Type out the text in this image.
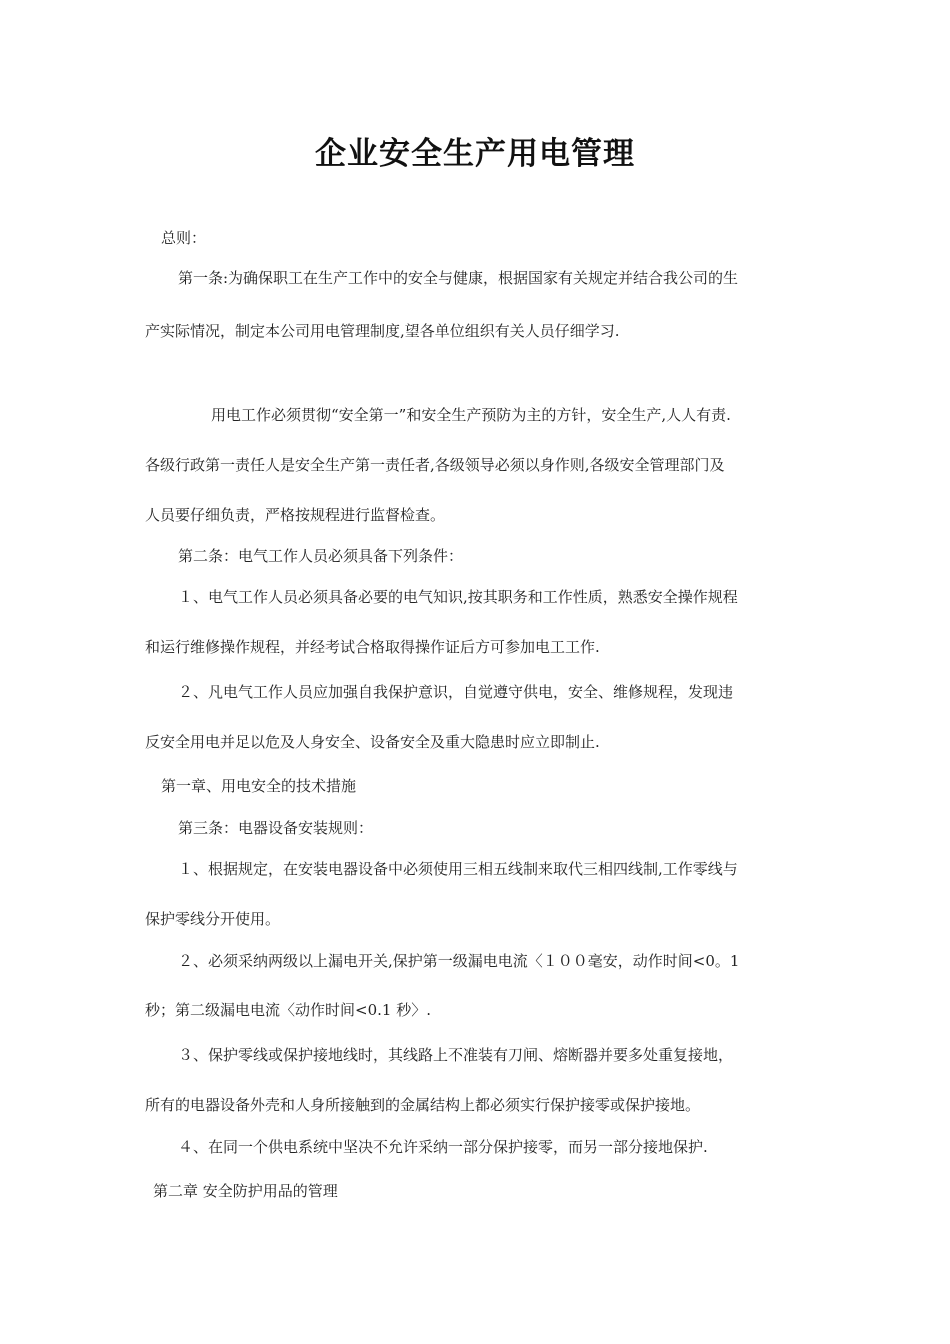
企业安全生产用电管理
总则：
第一条:为确保职工在生产工作中的安全与健康，根据国家有关规定并结合我公司的生
产实际情况，制定本公司用电管理制度,望各单位组织有关人员仔细学习.
用电工作必须贯彻“安全第一”和安全生产预防为主的方针，安全生产,人人有责.
各级行政第一责任人是安全生产第一责任者,各级领导必须以身作则,各级安全管理部门及
人员要仔细负责，严格按规程进行监督检查。
第二条：电气工作人员必须具备下列条件：
１、电气工作人员必须具备必要的电气知识,按其职务和工作性质，熟悉安全操作规程
和运行维修操作规程，并经考试合格取得操作证后方可参加电工工作.
２、凡电气工作人员应加强自我保护意识，自觉遵守供电，安全、维修规程，发现违
反安全用电并足以危及人身安全、设备安全及重大隐患时应立即制止.
第一章、用电安全的技术措施
第三条：电器设备安装规则：
１、根据规定，在安装电器设备中必须使用三相五线制来取代三相四线制,工作零线与
保护零线分开使用。
２、必须采纳两级以上漏电开关,保护第一级漏电电流〈１００毫安，动作时间<0。1
秒；第二级漏电电流〈动作时间<0.1 秒〉.
３、保护零线或保护接地线时，其线路上不准装有刀闸、熔断器并要多处重复接地，
所有的电器设备外壳和人身所接触到的金属结构上都必须实行保护接零或保护接地。
４、在同一个供电系统中坚决不允许采纳一部分保护接零，而另一部分接地保护.
第二章 安全防护用品的管理
